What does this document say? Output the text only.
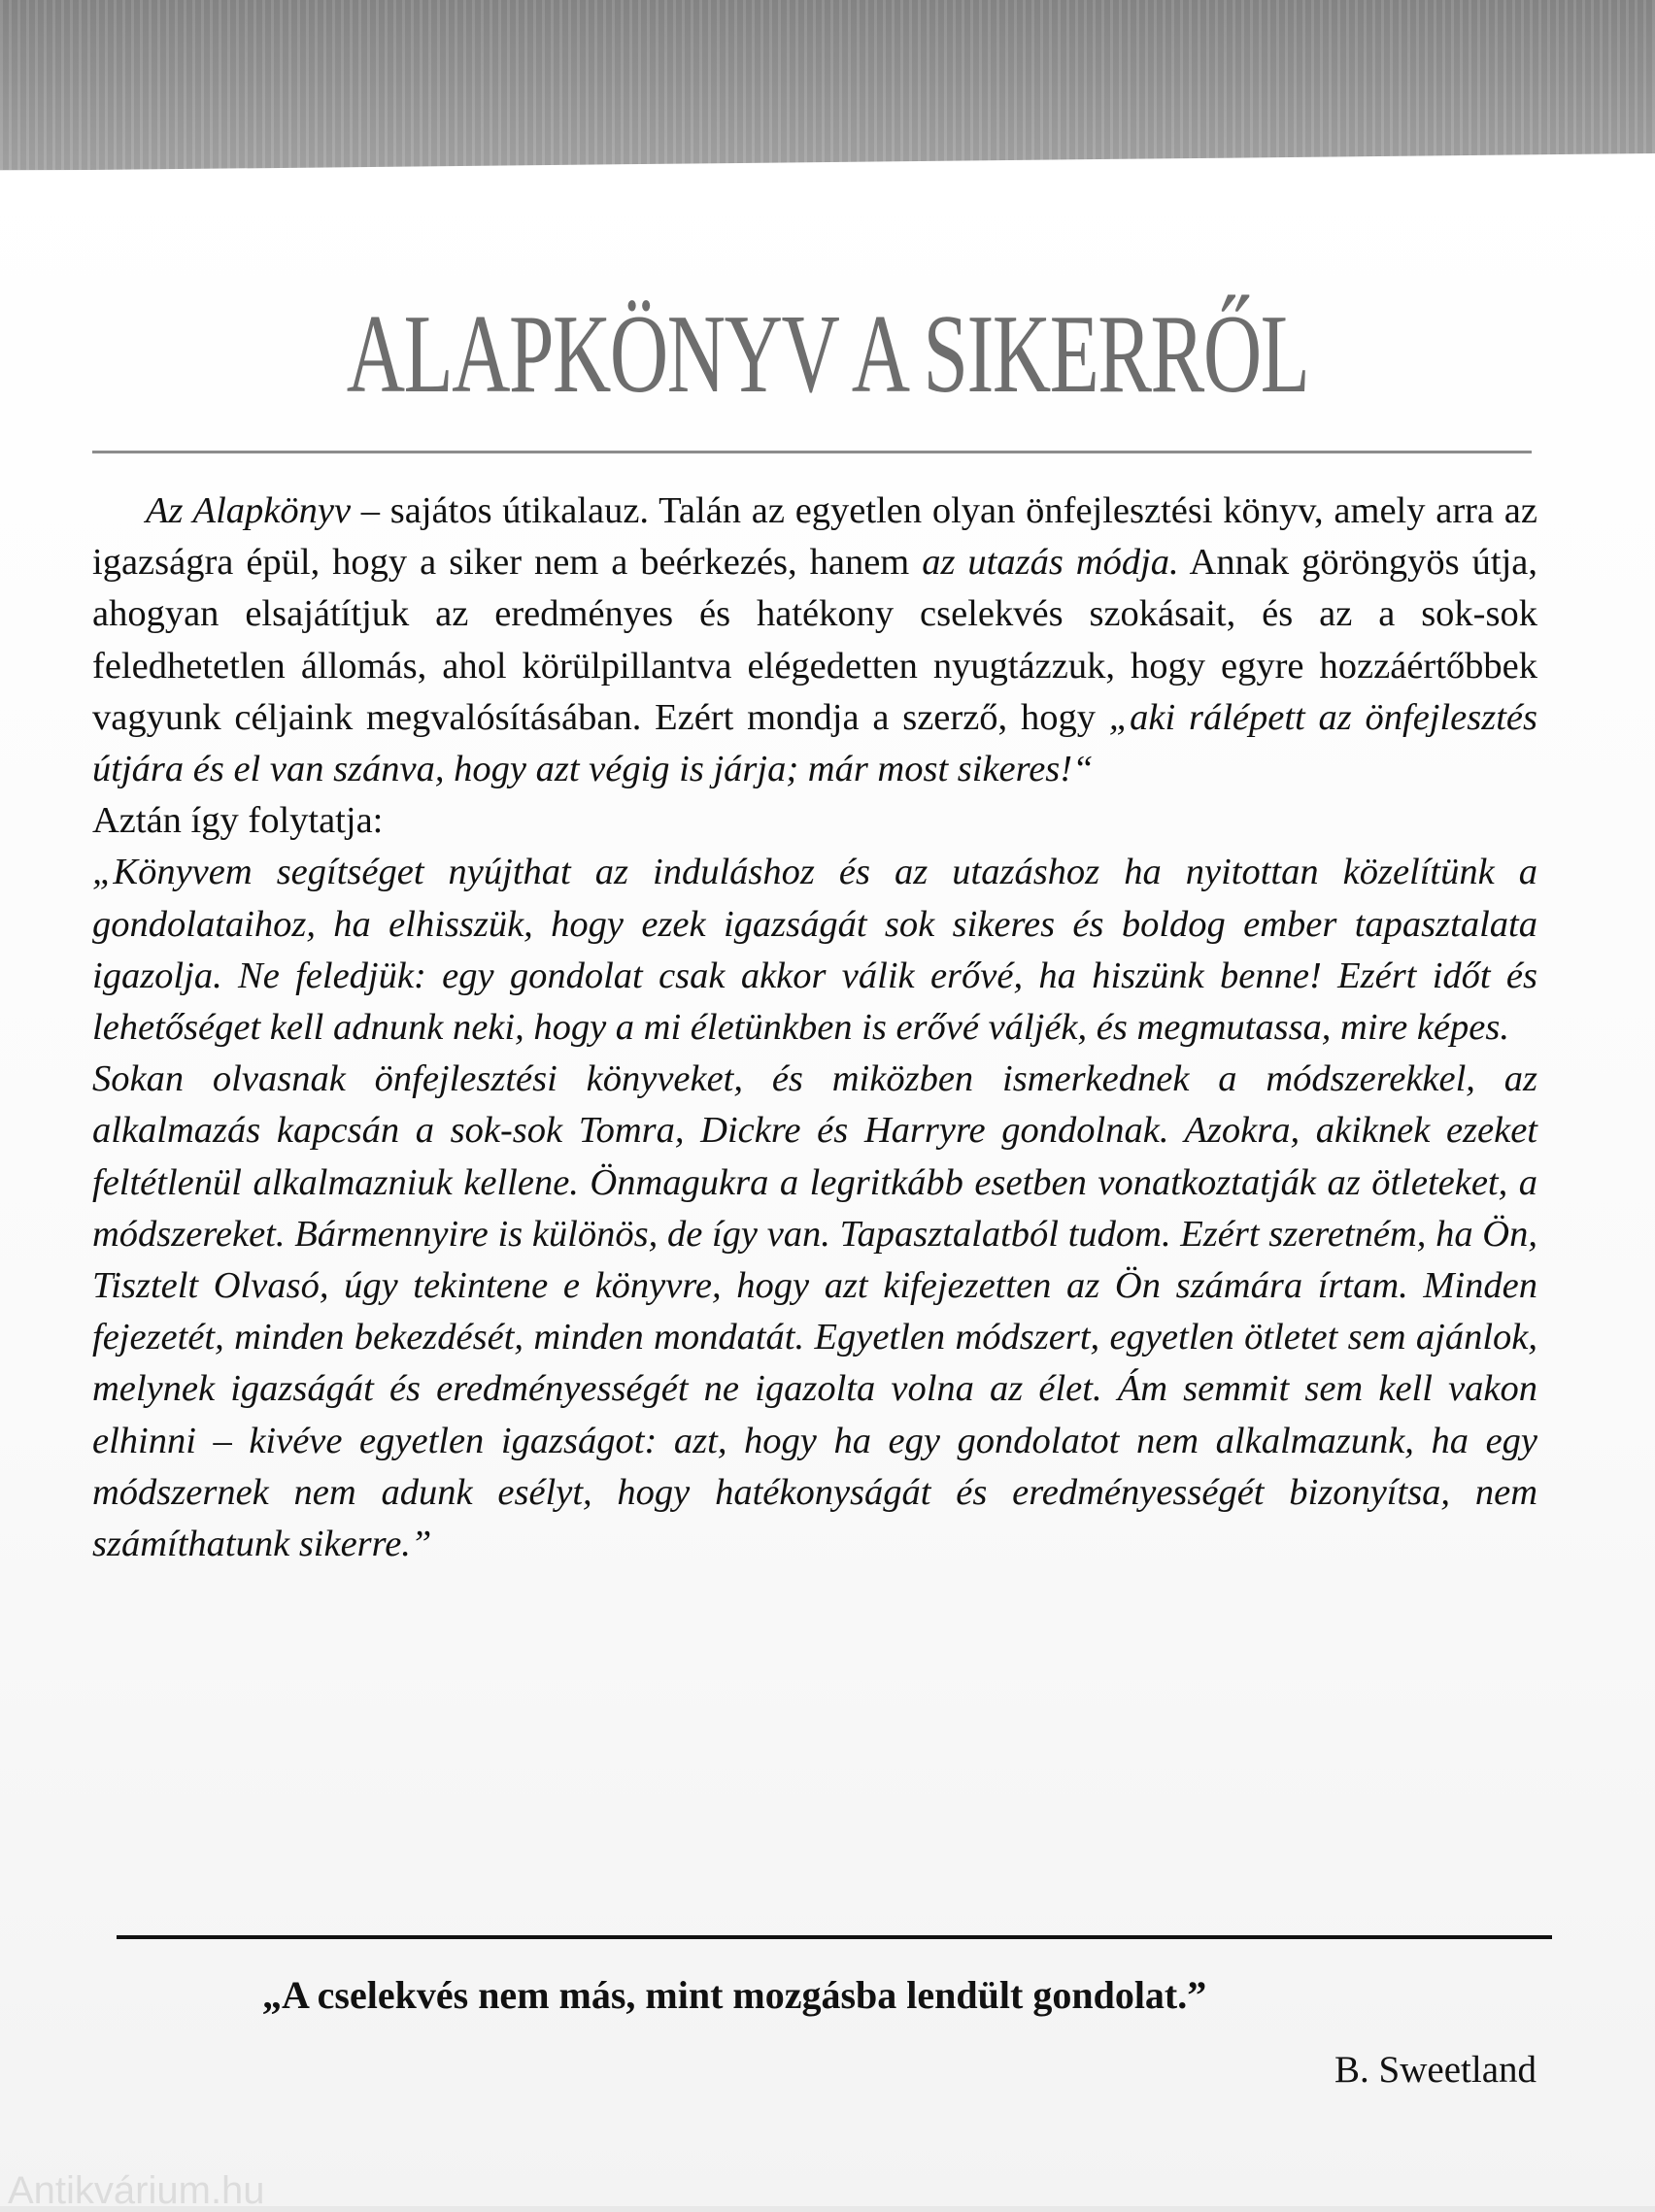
ALAPKÖNYV A SIKERRŐL

Az Alapkönyv – sajátos útikalauz. Talán az egyetlen olyan önfejlesztési könyv, amely arra az igazságra épül, hogy a siker nem a beérkezés, hanem az utazás módja. Annak göröngyös útja, ahogyan elsajátítjuk az eredményes és hatékony cselekvés szokásait, és az a sok-sok feledhetetlen állomás, ahol körülpillantva elégedetten nyugtázzuk, hogy egyre hozzáértőbbek vagyunk céljaink megvalósításában. Ezért mondja a szerző, hogy „aki rálépett az önfejlesztés útjára és el van szánva, hogy azt végig is járja; már most sikeres!“

Aztán így folytatja:

„Könyvem segítséget nyújthat az induláshoz és az utazáshoz ha nyitottan közelítünk a gondolataihoz, ha elhisszük, hogy ezek igazságát sok sikeres és boldog ember tapasztalata igazolja. Ne feledjük: egy gondolat csak akkor válik erővé, ha hiszünk benne! Ezért időt és lehetőséget kell adnunk neki, hogy a mi életünkben is erővé váljék, és megmutassa, mire képes.

Sokan olvasnak önfejlesztési könyveket, és miközben ismerkednek a módszerekkel, az alkalmazás kapcsán a sok-sok Tomra, Dickre és Harryre gondolnak. Azokra, akiknek ezeket feltétlenül alkalmazniuk kellene. Önmagukra a legritkább esetben vonatkoztatják az ötleteket, a módszereket. Bármennyire is különös, de így van. Tapasztalatból tudom. Ezért szeretném, ha Ön, Tisztelt Olvasó, úgy tekintene e könyvre, hogy azt kifejezetten az Ön számára írtam. Minden fejezetét, minden bekezdését, minden mondatát. Egyetlen módszert, egyetlen ötletet sem ajánlok, melynek igazságát és eredményességét ne igazolta volna az élet. Ám semmit sem kell vakon elhinni – kivéve egyetlen igazságot: azt, hogy ha egy gondolatot nem alkalmazunk, ha egy módszernek nem adunk esélyt, hogy hatékonyságát és eredményességét bizonyítsa, nem számíthatunk sikerre.”

„A cselekvés nem más, mint mozgásba lendült gondolat.”

B. Sweetland

Antikvárium.hu
